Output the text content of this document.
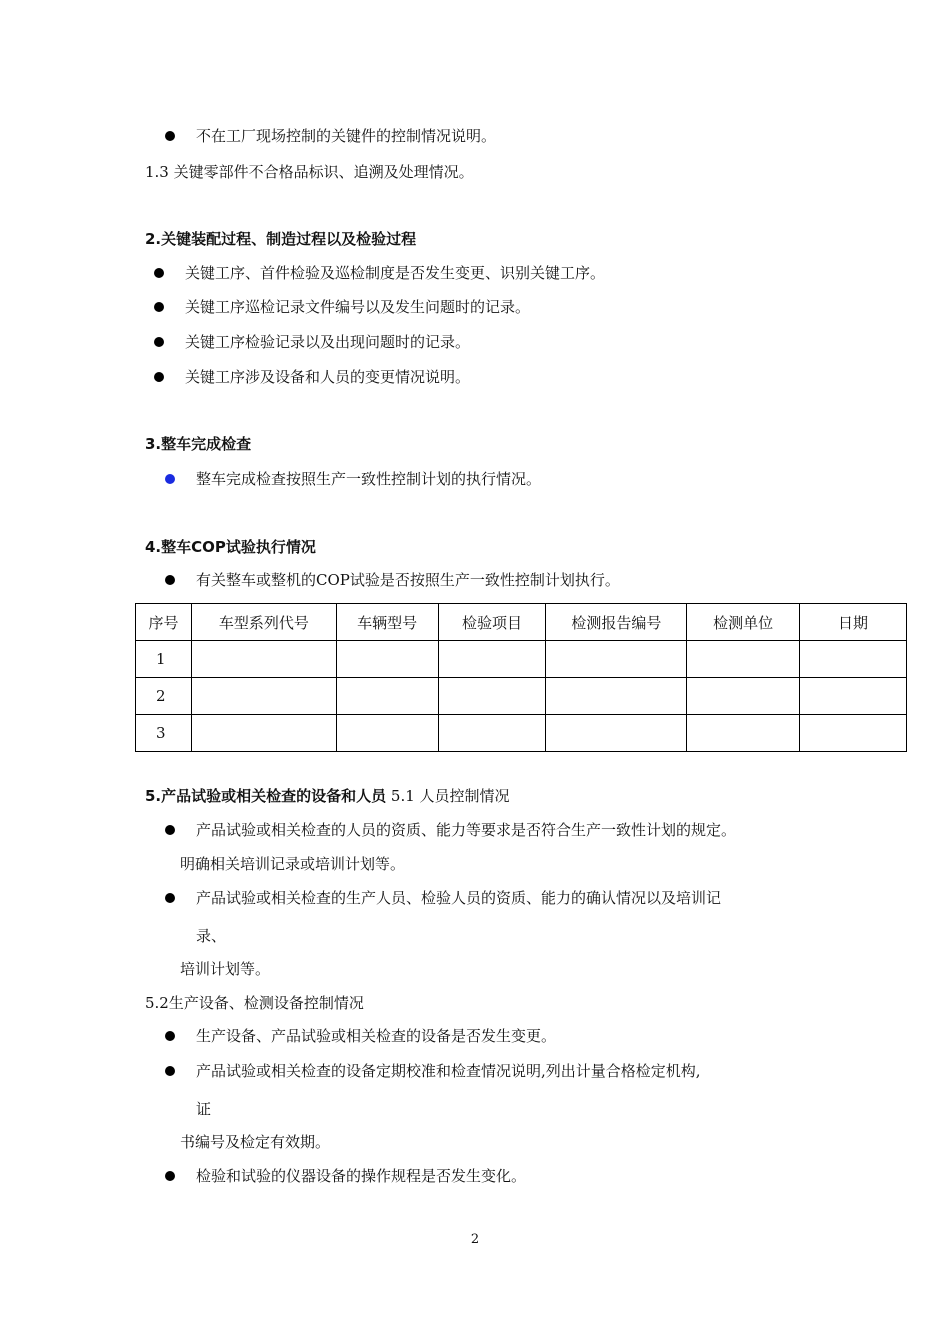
不在工厂现场控制的关键件的控制情况说明。
1.3 关键零部件不合格品标识、追溯及处理情况。
2.关键装配过程、制造过程以及检验过程
关键工序、首件检验及巡检制度是否发生变更、识别关键工序。
关键工序巡检记录文件编号以及发生问题时的记录。
关键工序检验记录以及出现问题时的记录。
关键工序涉及设备和人员的变更情况说明。
3.整车完成检查
整车完成检查按照生产一致性控制计划的执行情况。
4.整车COP试验执行情况
有关整车或整机的COP试验是否按照生产一致性控制计划执行。
序号	车型系列代号	车辆型号	检验项目	检测报告编号	检测单位	日期
1						
2						
3						
5.产品试验或相关检查的设备和人员 5.1 人员控制情况
产品试验或相关检查的人员的资质、能力等要求是否符合生产一致性计划的规定。
明确相关培训记录或培训计划等。
产品试验或相关检查的生产人员、检验人员的资质、能力的确认情况以及培训记
录、
培训计划等。
5.2生产设备、检测设备控制情况
生产设备、产品试验或相关检查的设备是否发生变更。
产品试验或相关检查的设备定期校准和检查情况说明,列出计量合格检定机构,
证
书编号及检定有效期。
检验和试验的仪器设备的操作规程是否发生变化。
2
